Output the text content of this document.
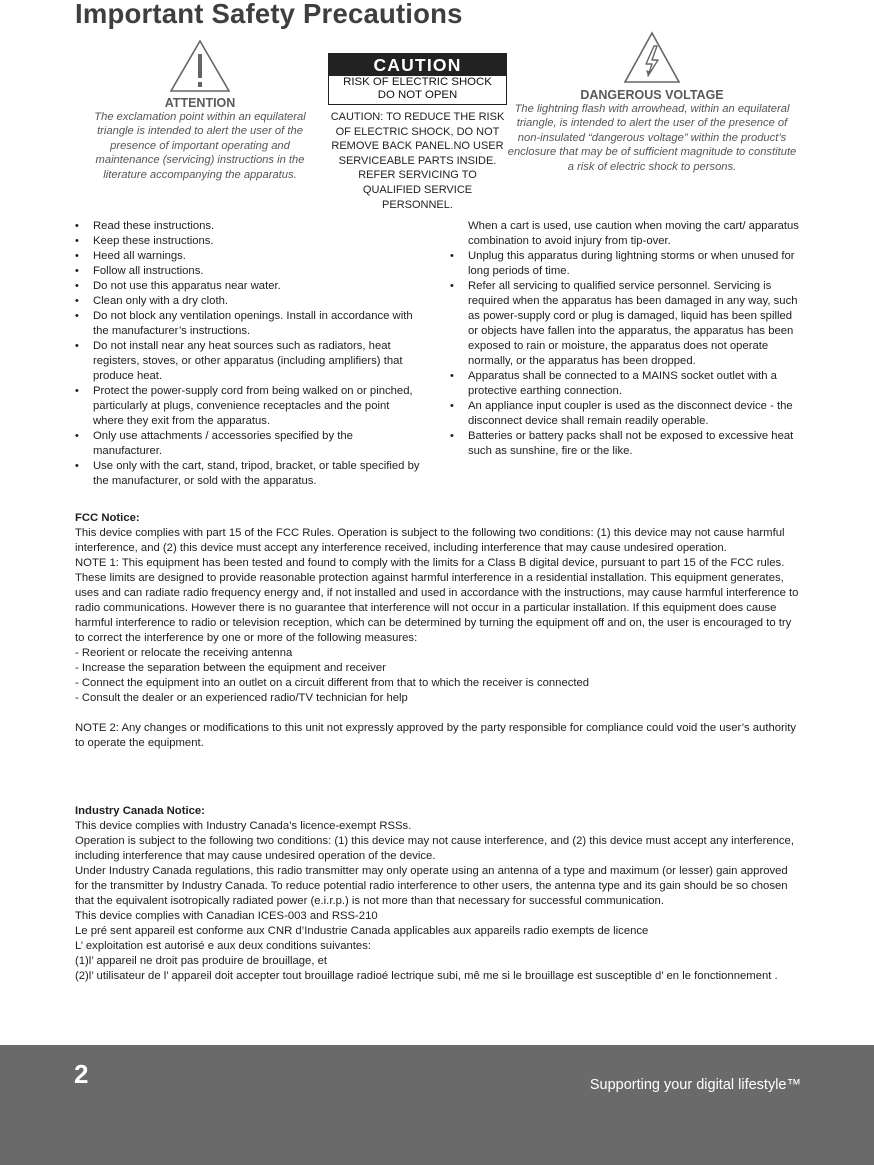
Important Safety Precautions
ATTENTION
The exclamation point within an equilateral triangle is intended to alert the user of the presence of important operating and maintenance (servicing) instructions in the literature accompanying the apparatus.
CAUTION
RISK OF ELECTRIC SHOCK
DO NOT OPEN
CAUTION: TO REDUCE THE RISK OF ELECTRIC SHOCK, DO NOT REMOVE BACK PANEL.NO USER SERVICEABLE PARTS INSIDE. REFER SERVICING TO QUALIFIED SERVICE PERSONNEL.
DANGEROUS VOLTAGE
The lightning flash with arrowhead, within an equilateral triangle, is intended to alert the user of the presence of non-insulated “dangerous voltage” within the product’s enclosure that may be of sufficient magnitude to constitute a risk of electric shock to persons.
• Read these instructions.
• Keep these instructions.
• Heed all warnings.
• Follow all instructions.
• Do not use this apparatus near water.
• Clean only with a dry cloth.
• Do not block any ventilation openings. Install in accordance with the manufacturer’s instructions.
• Do not install near any heat sources such as radiators, heat registers, stoves, or other apparatus (including amplifiers) that produce heat.
• Protect the power-supply cord from being walked on or pinched, particularly at plugs, convenience receptacles and the point where they exit from the apparatus.
• Only use attachments / accessories specified by the manufacturer.
• Use only with the cart, stand, tripod, bracket, or table specified by the manufacturer, or sold with the apparatus.
When a cart is used, use caution when moving the cart/ apparatus combination to avoid injury from tip-over.
• Unplug this apparatus during lightning storms or when unused for long periods of time.
• Refer all servicing to qualified service personnel. Servicing is required when the apparatus has been damaged in any way, such as power-supply cord or plug is damaged, liquid has been spilled or objects have fallen into the apparatus, the apparatus has been exposed to rain or moisture, the apparatus does not operate normally, or the apparatus has been dropped.
• Apparatus shall be connected to a MAINS socket outlet with a protective earthing connection.
• An appliance input coupler is used as the disconnect device - the disconnect device shall remain readily operable.
• Batteries or battery packs shall not be exposed to excessive heat such as sunshine, fire or the like.
FCC Notice:
This device complies with part 15 of the FCC Rules. Operation is subject to the following two conditions: (1) this device may not cause harmful interference, and (2) this device must accept any interference received, including interference that may cause undesired operation.
NOTE 1: This equipment has been tested and found to comply with the limits for a Class B digital device, pursuant to part 15 of the FCC rules. These limits are designed to provide reasonable protection against harmful interference in a residential installation. This equipment generates, uses and can radiate radio frequency energy and, if not installed and used in accordance with the instructions, may cause harmful interference to radio communications. However there is no guarantee that interference will not occur in a particular installation. If this equipment does cause harmful interference to radio or television reception, which can be determined by turning the equipment off and on, the user is encouraged to try to correct the interference by one or more of the following measures:
- Reorient or relocate the receiving antenna
- Increase the separation between the equipment and receiver
- Connect the equipment into an outlet on a circuit different from that to which the receiver is connected
- Consult the dealer or an experienced radio/TV technician for help
NOTE 2: Any changes or modifications to this unit not expressly approved by the party responsible for compliance could void the user’s authority to operate the equipment.
Industry Canada Notice:
This device complies with Industry Canada’s licence-exempt RSSs.
Operation is subject to the following two conditions: (1) this device may not cause interference, and (2) this device must accept any interference, including interference that may cause undesired operation of the device.
Under Industry Canada regulations, this radio transmitter may only operate using an antenna of a type and maximum (or lesser) gain approved for the transmitter by Industry Canada. To reduce potential radio interference to other users, the antenna type and its gain should be so chosen that the equivalent isotropically radiated power (e.i.r.p.) is not more than that necessary for successful communication.
This device complies with Canadian ICES-003 and RSS-210
Le pré sent appareil est conforme aux CNR d’Industrie Canada applicables aux appareils radio exempts de licence
L’ exploitation est autorisé e aux deux conditions suivantes:
(1)l’ appareil ne droit pas produire de brouillage, et
(2)l’ utilisateur de l’ appareil doit accepter tout brouillage radioé lectrique subi, mê me si le brouillage est susceptible d’ en le fonctionnement .
2	Supporting your digital lifestyle™
